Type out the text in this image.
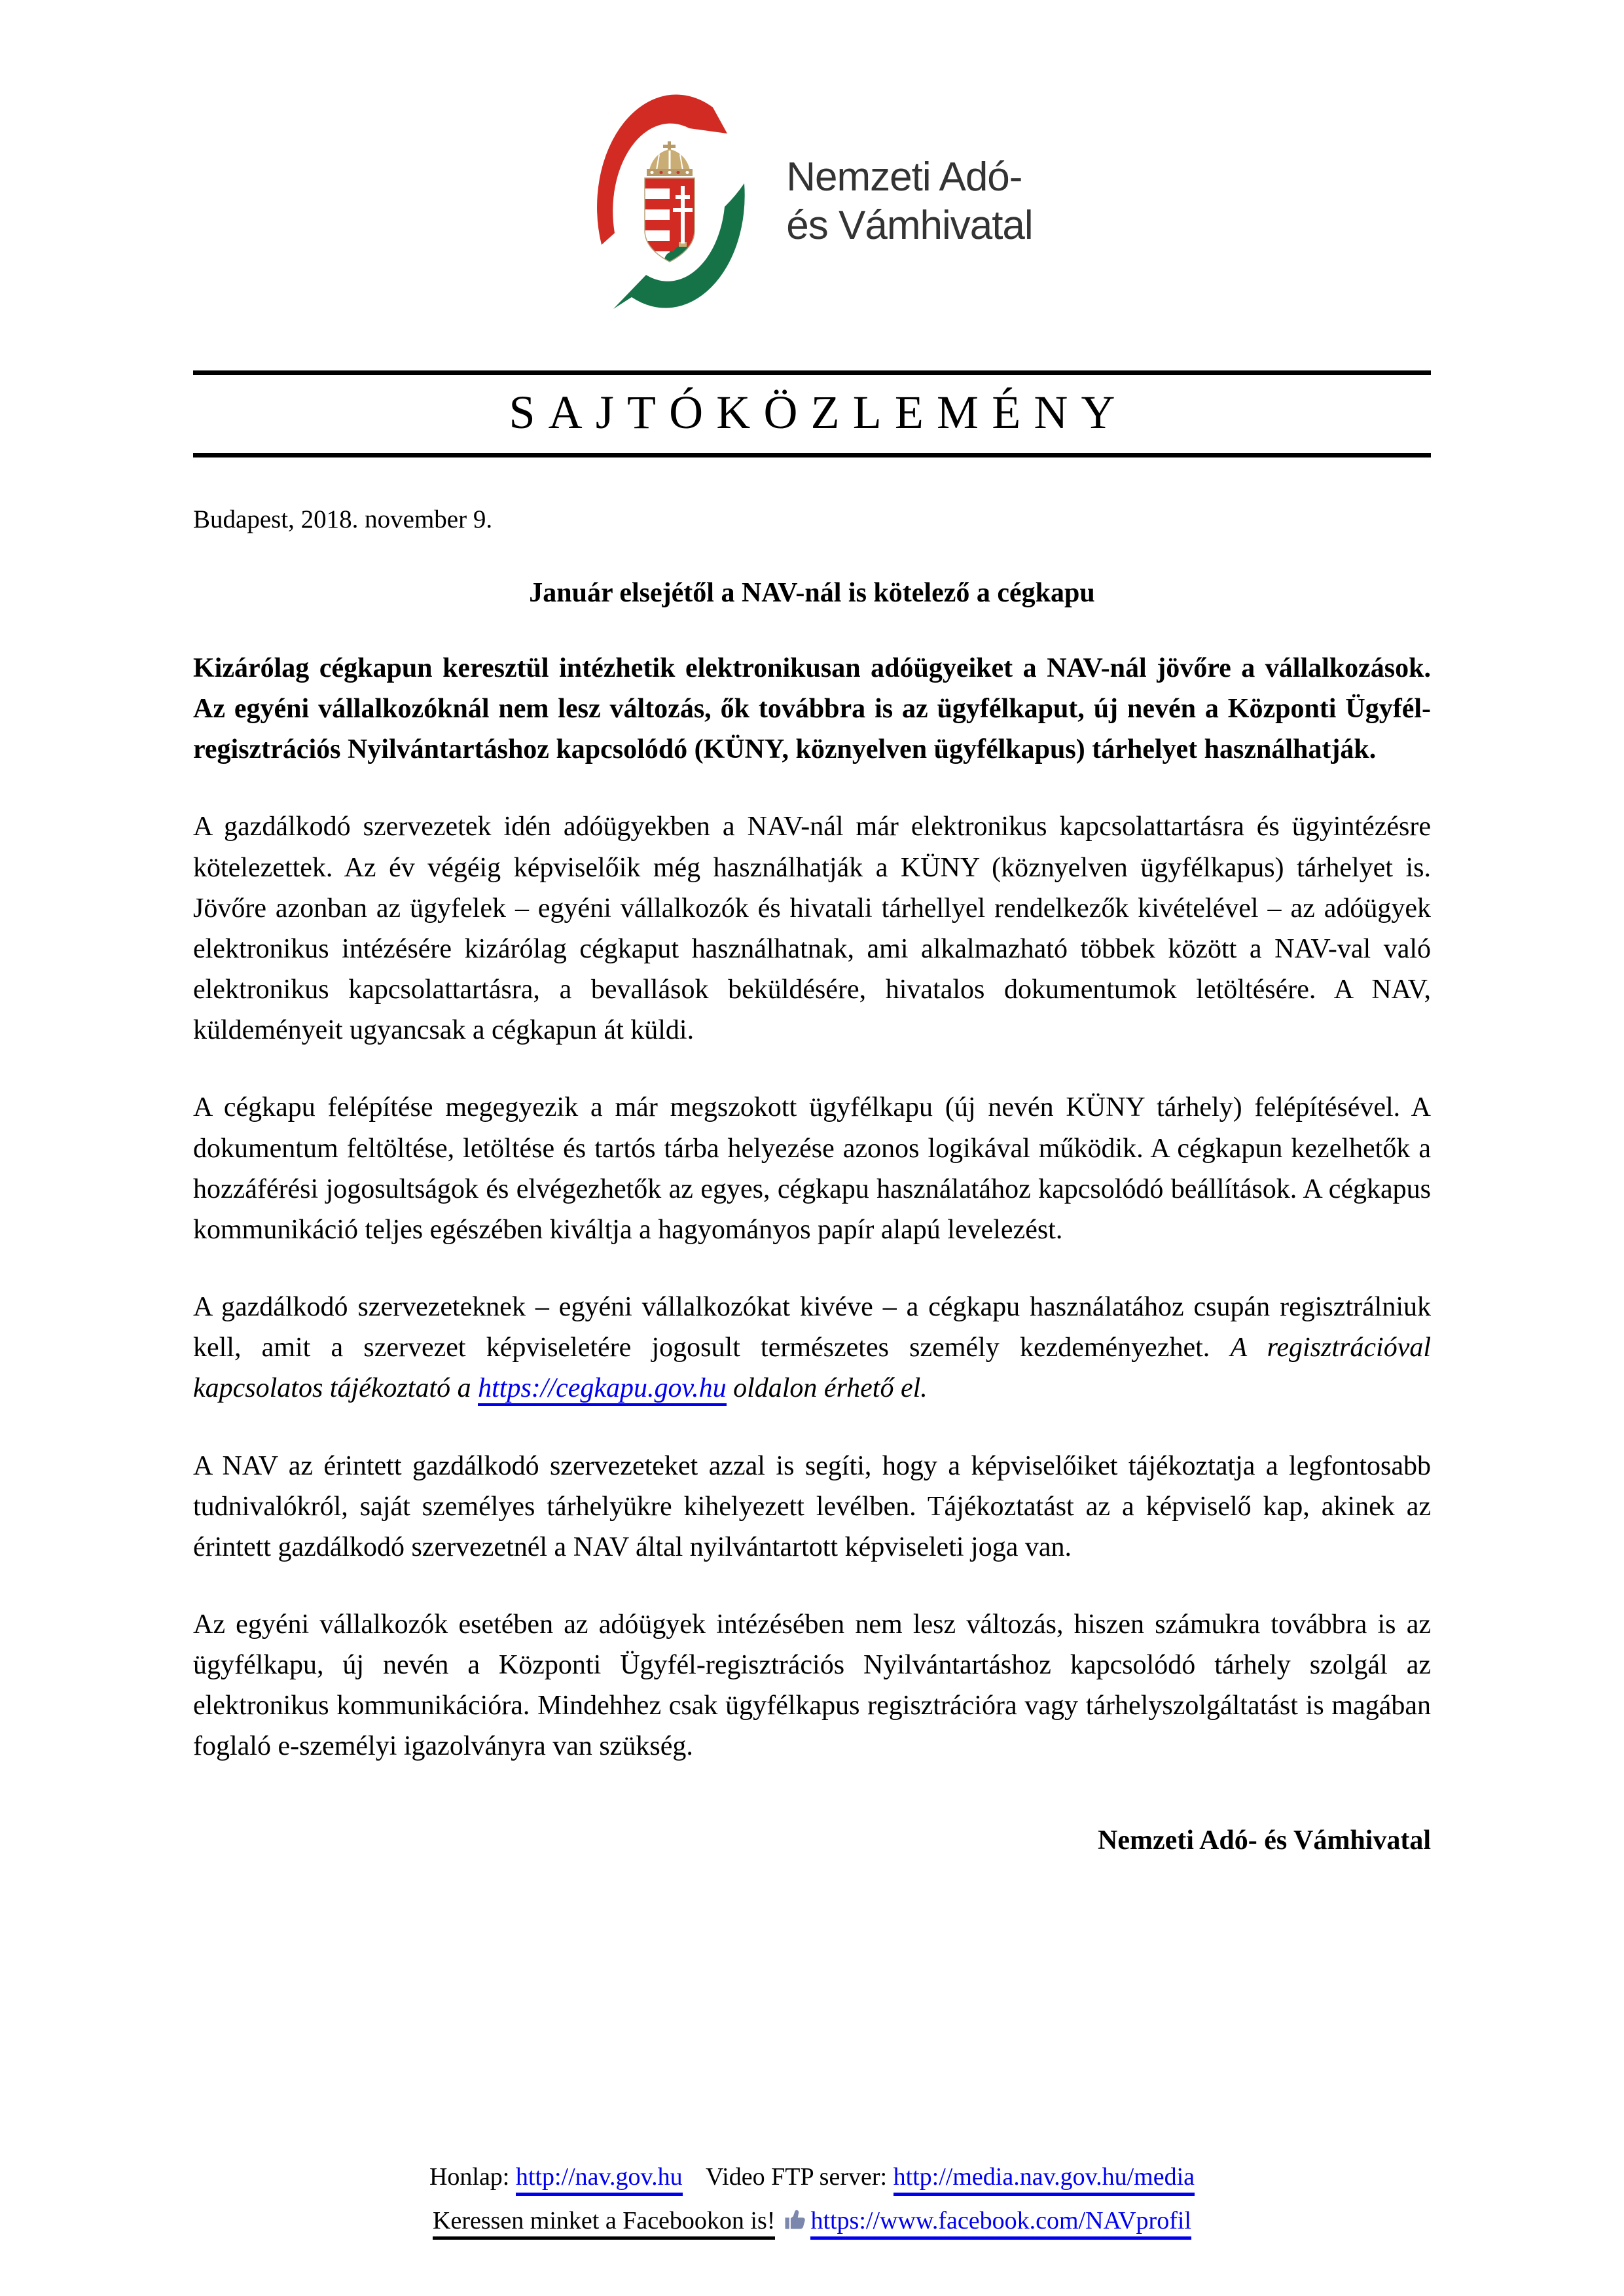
Nemzeti Adó-
és Vámhivatal
SAJTÓKÖZLEMÉNY

Budapest, 2018. november 9.

Január elsejétől a NAV-nál is kötelező a cégkapu

Kizárólag cégkapun keresztül intézhetik elektronikusan adóügyeiket a NAV-nál jövőre a vállalkozások. Az egyéni vállalkozóknál nem lesz változás, ők továbbra is az ügyfélkaput, új nevén a Központi Ügyfél-regisztrációs Nyilvántartáshoz kapcsolódó (KÜNY, köznyelven ügyfélkapus) tárhelyet használhatják.

A gazdálkodó szervezetek idén adóügyekben a NAV-nál már elektronikus kapcsolattartásra és ügyintézésre kötelezettek. Az év végéig képviselőik még használhatják a KÜNY (köznyelven ügyfélkapus) tárhelyet is. Jövőre azonban az ügyfelek – egyéni vállalkozók és hivatali tárhellyel rendelkezők kivételével – az adóügyek elektronikus intézésére kizárólag cégkaput használhatnak, ami alkalmazható többek között a NAV-val való elektronikus kapcsolattartásra, a bevallások beküldésére, hivatalos dokumentumok letöltésére. A NAV, küldeményeit ugyancsak a cégkapun át küldi.

A cégkapu felépítése megegyezik a már megszokott ügyfélkapu (új nevén KÜNY tárhely) felépítésével. A dokumentum feltöltése, letöltése és tartós tárba helyezése azonos logikával működik. A cégkapun kezelhetők a hozzáférési jogosultságok és elvégezhetők az egyes, cégkapu használatához kapcsolódó beállítások. A cégkapus kommunikáció teljes egészében kiváltja a hagyományos papír alapú levelezést.

A gazdálkodó szervezeteknek – egyéni vállalkozókat kivéve – a cégkapu használatához csupán regisztrálniuk kell, amit a szervezet képviseletére jogosult természetes személy kezdeményezhet. A regisztrációval kapcsolatos tájékoztató a https://cegkapu.gov.hu oldalon érhető el.

A NAV az érintett gazdálkodó szervezeteket azzal is segíti, hogy a képviselőiket tájékoztatja a legfontosabb tudnivalókról, saját személyes tárhelyükre kihelyezett levélben. Tájékoztatást az a képviselő kap, akinek az érintett gazdálkodó szervezetnél a NAV által nyilvántartott képviseleti joga van.

Az egyéni vállalkozók esetében az adóügyek intézésében nem lesz változás, hiszen számukra továbbra is az ügyfélkapu, új nevén a Központi Ügyfél-regisztrációs Nyilvántartáshoz kapcsolódó tárhely szolgál az elektronikus kommunikációra. Mindehhez csak ügyfélkapus regisztrációra vagy tárhelyszolgáltatást is magában foglaló e-személyi igazolványra van szükség.

Nemzeti Adó- és Vámhivatal

Honlap: http://nav.gov.hu Video FTP server: http://media.nav.gov.hu/media
Keressen minket a Facebookon is! https://www.facebook.com/NAVprofil
